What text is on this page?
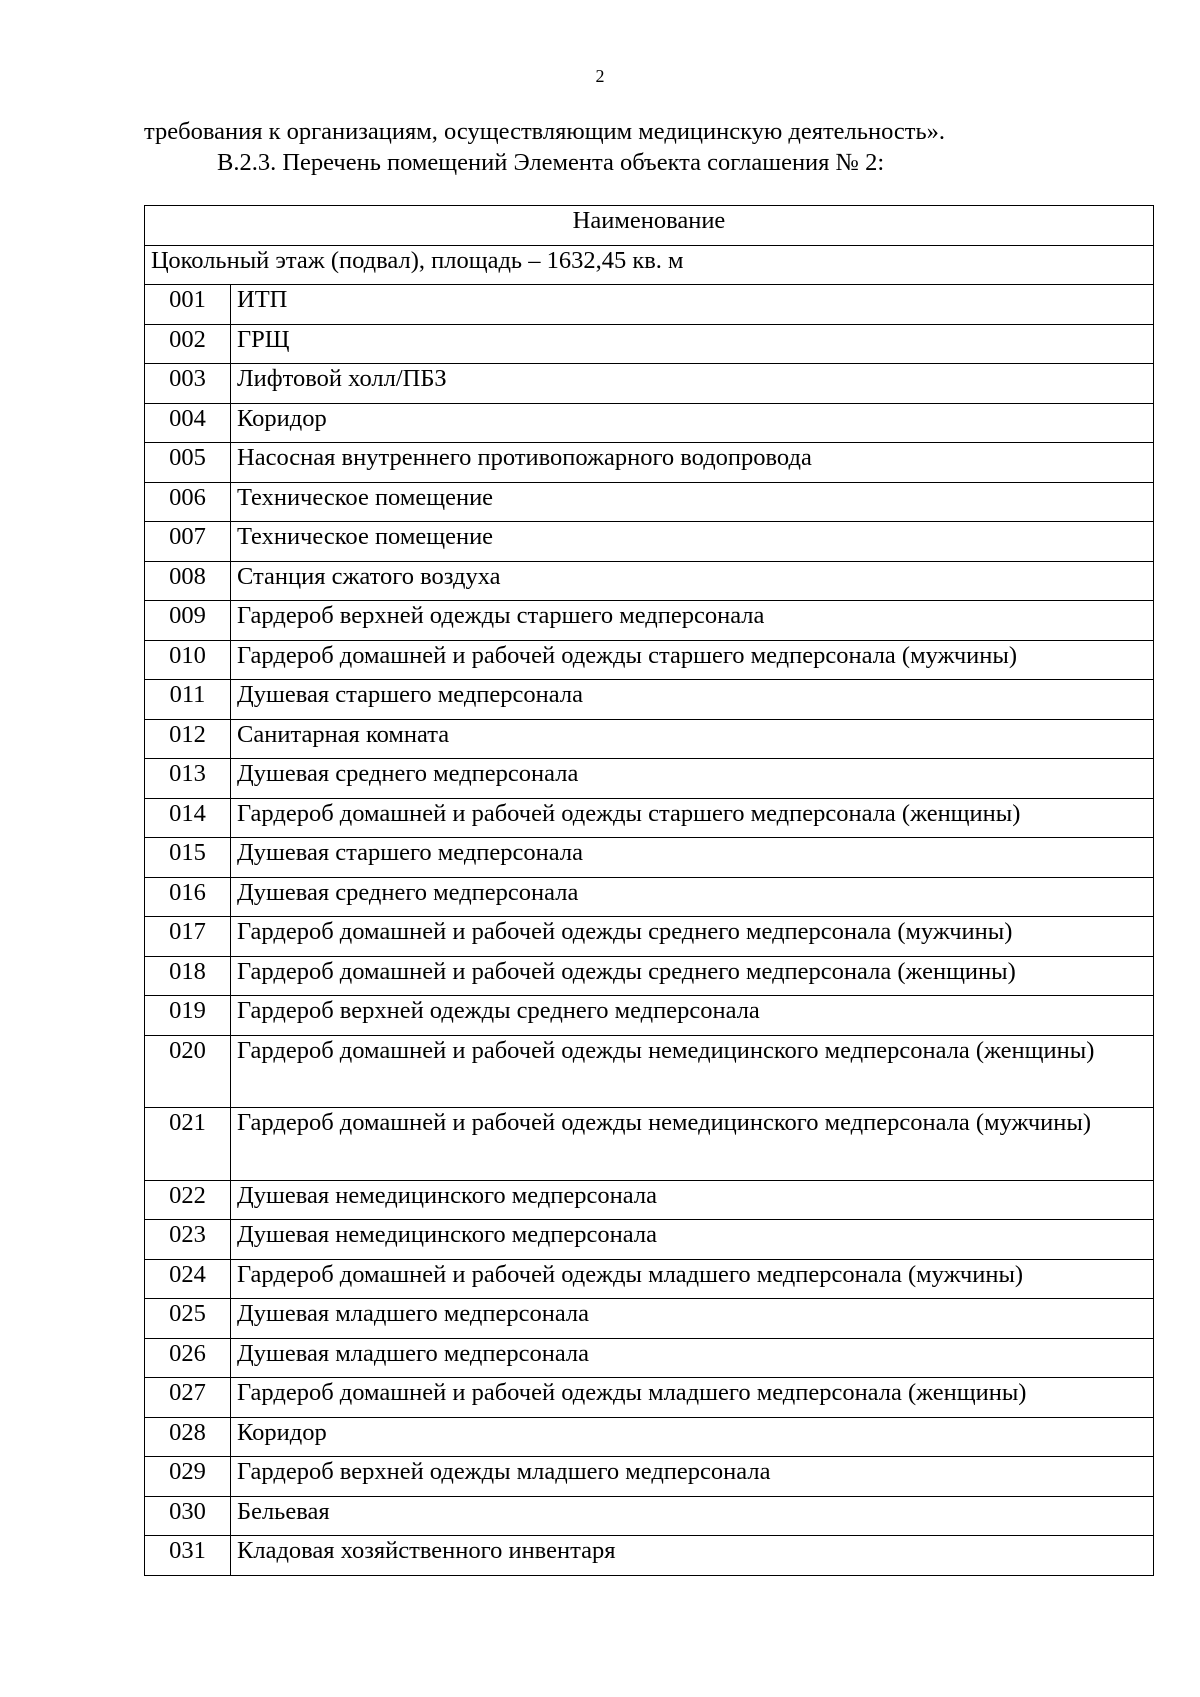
2

требования к организациям, осуществляющим медицинскую деятельность».

В.2.3. Перечень помещений Элемента объекта соглашения № 2:

Наименование	
Цокольный этаж (подвал), площадь – 1632,45 кв. м	
001	ИТП
002	ГРЩ
003	Лифтовой холл/ПБЗ
004	Коридор
005	Насосная внутреннего противопожарного водопровода
006	Техническое помещение
007	Техническое помещение
008	Станция сжатого воздуха
009	Гардероб верхней одежды старшего медперсонала
010	Гардероб домашней и рабочей одежды старшего медперсонала (мужчины)
011	Душевая старшего медперсонала
012	Санитарная комната
013	Душевая среднего медперсонала
014	Гардероб домашней и рабочей одежды старшего медперсонала (женщины)
015	Душевая старшего медперсонала
016	Душевая среднего медперсонала
017	Гардероб домашней и рабочей одежды среднего медперсонала (мужчины)
018	Гардероб домашней и рабочей одежды среднего медперсонала (женщины)
019	Гардероб верхней одежды среднего медперсонала
020	Гардероб домашней и рабочей одежды немедицинского медперсонала (женщины)
021	Гардероб домашней и рабочей одежды немедицинского медперсонала (мужчины)
022	Душевая немедицинского медперсонала
023	Душевая немедицинского медперсонала
024	Гардероб домашней и рабочей одежды младшего медперсонала (мужчины)
025	Душевая младшего медперсонала
026	Душевая младшего медперсонала
027	Гардероб домашней и рабочей одежды младшего медперсонала (женщины)
028	Коридор
029	Гардероб верхней одежды младшего медперсонала
030	Бельевая
031	Кладовая хозяйственного инвентаря
